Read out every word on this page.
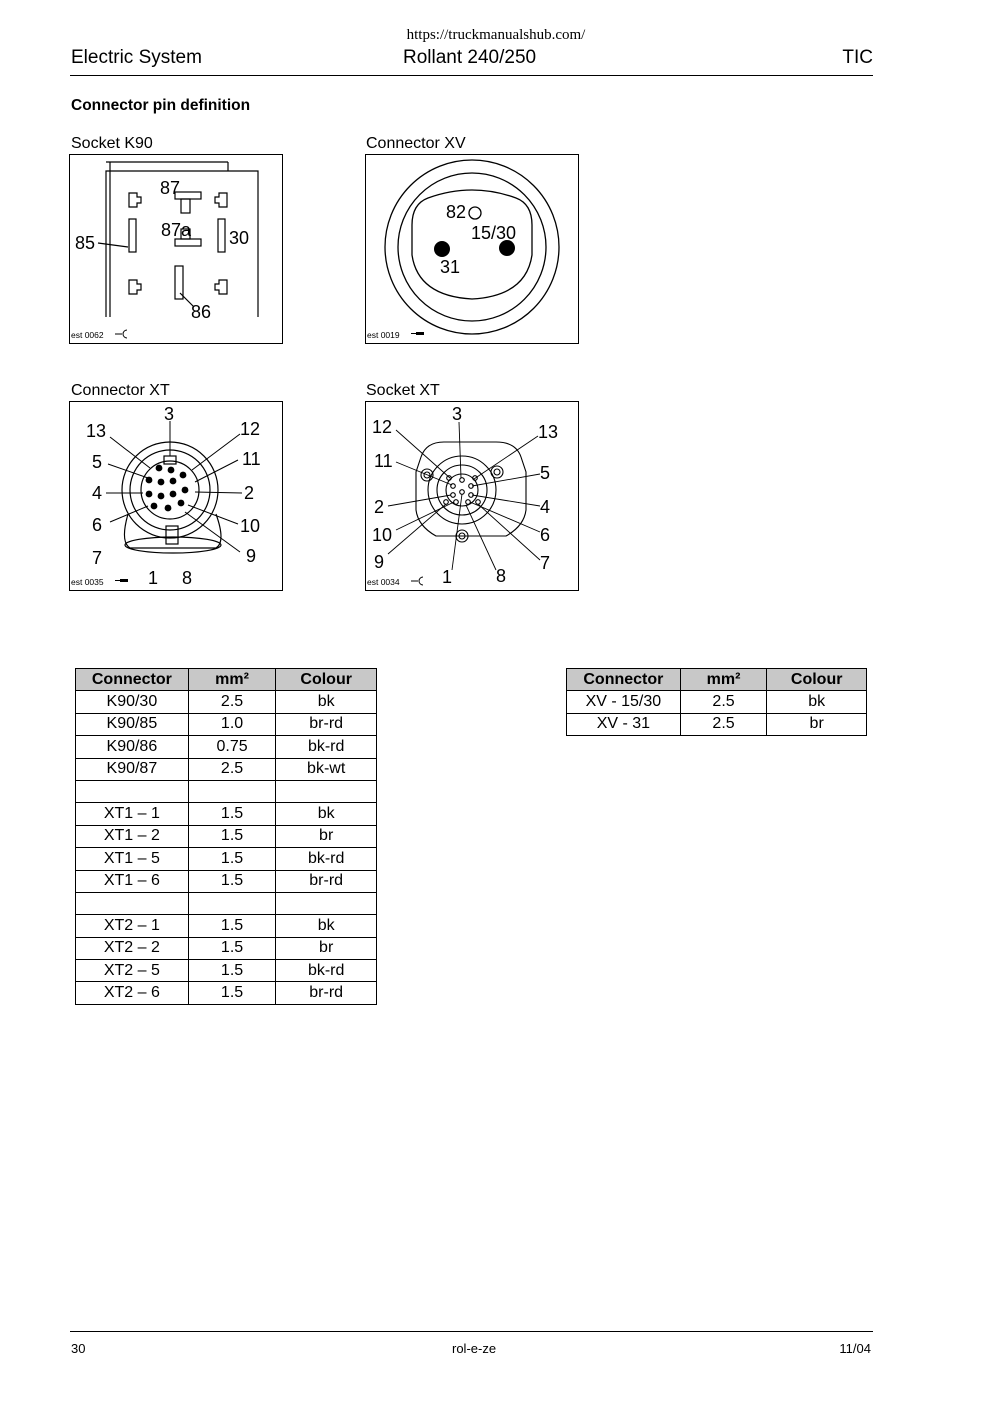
https://truckmanualshub.com/
Electric System	Rollant 240/250	TIC
Connector pin definition
Socket K90	Connector XV
Connector XT	Socket XT
87
87a
85	30
86
est 0062
82
15/30
31
est 0019
3
13	12
5	11
4	2
6	10
7	9
1 8
est 0035
3
12	13
11
5
2	4
10	6
9	7
1 8
est 0034
Connector	mm²	Colour
K90/30	2.5	bk
K90/85	1.0	br-rd
K90/86	0.75	bk-rd
K90/87	2.5	bk-wt

XT1 – 1	1.5	bk
XT1 – 2	1.5	br
XT1 – 5	1.5	bk-rd
XT1 – 6	1.5	br-rd

XT2 – 1	1.5	bk
XT2 – 2	1.5	br
XT2 – 5	1.5	bk-rd
XT2 – 6	1.5	br-rd
Connector	mm²	Colour
XV - 15/30	2.5	bk
XV - 31	2.5	br
30	rol-e-ze	11/04
